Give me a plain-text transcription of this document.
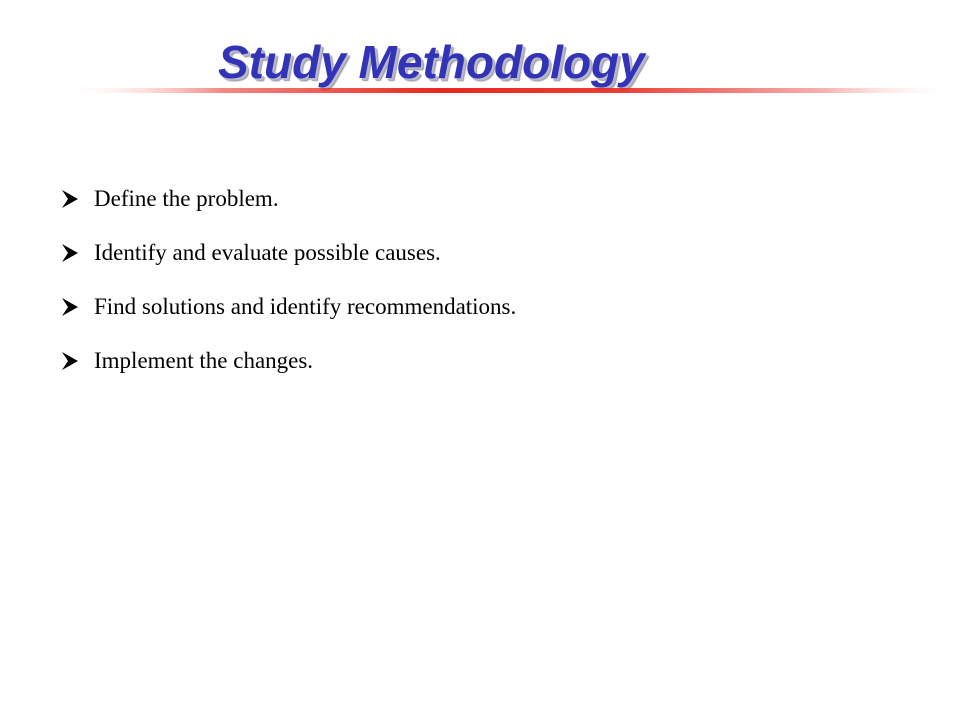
Study Methodology
Define the problem.
Identify and evaluate possible causes.
Find solutions and identify recommendations.
Implement the changes.
